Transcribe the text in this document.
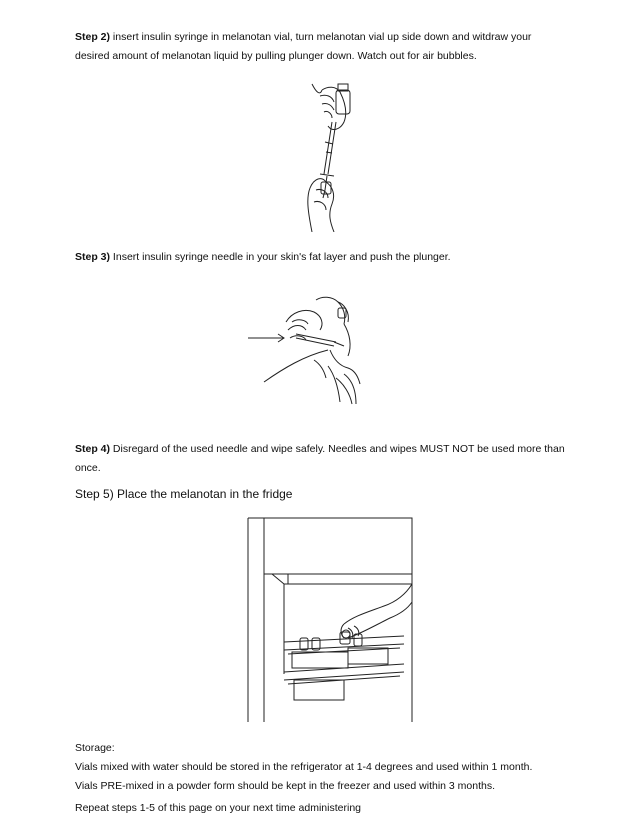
Step 2) insert insulin syringe in melanotan vial, turn melanotan vial up side down and witdraw your
desired amount of melanotan liquid by pulling plunger down. Watch out for air bubbles.
Step 3) Insert insulin syringe needle in your skin's fat layer and push the plunger.
Step 4) Disregard of the used needle and wipe safely. Needles and wipes MUST NOT be used more than
once.
Step 5) Place the melanotan in the fridge
Storage:
Vials mixed with water should be stored in the refrigerator at 1-4 degrees and used within 1 month.
Vials PRE-mixed in a powder form should be kept in the freezer and used within 3 months.
Repeat steps 1-5 of this page on your next time administering
